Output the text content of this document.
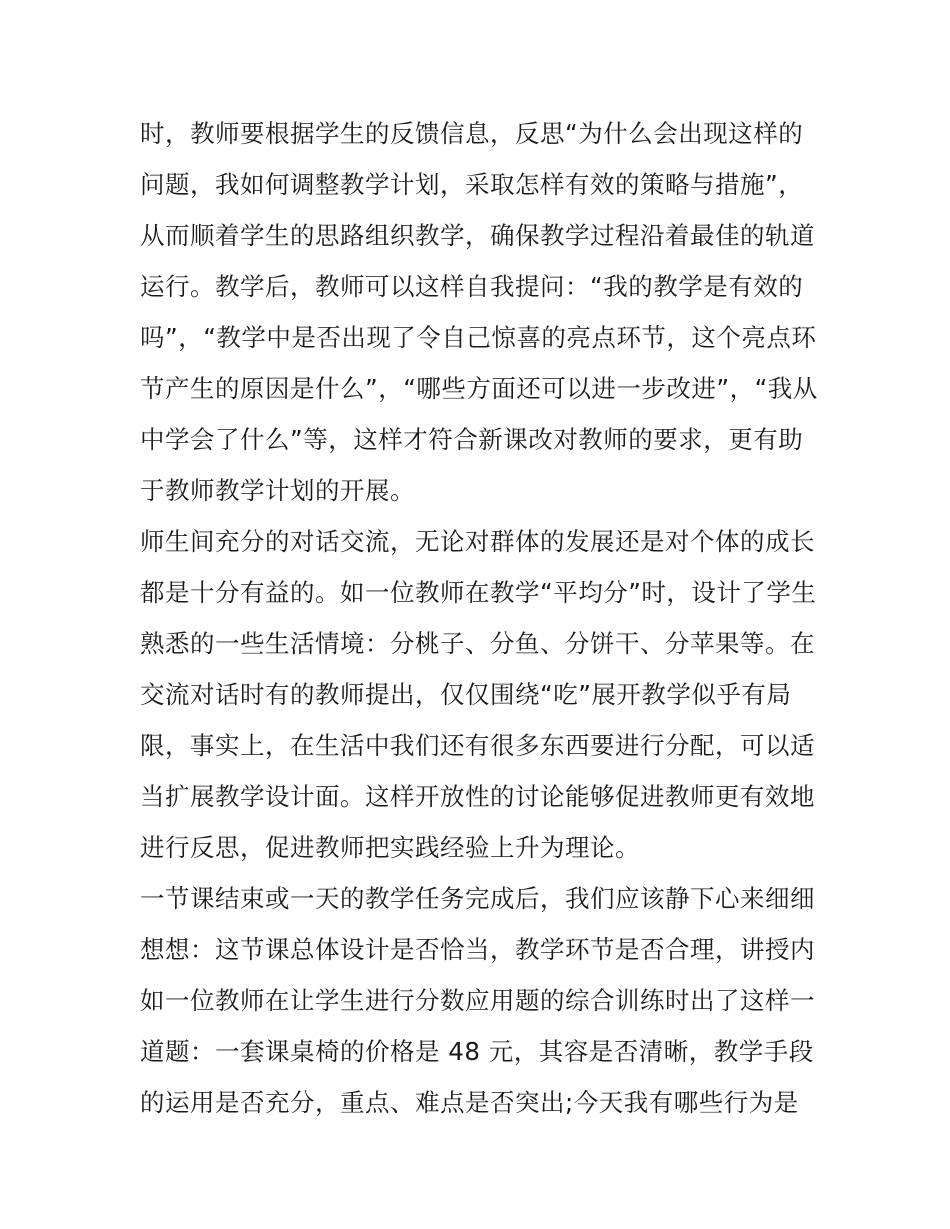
时，教师要根据学生的反馈信息，反思“为什么会出现这样的
问题，我如何调整教学计划，采取怎样有效的策略与措施”，
从而顺着学生的思路组织教学，确保教学过程沿着最佳的轨道
运行。教学后，教师可以这样自我提问：“我的教学是有效的
吗”，“教学中是否出现了令自己惊喜的亮点环节，这个亮点环
节产生的原因是什么”，“哪些方面还可以进一步改进”，“我从
中学会了什么”等，这样才符合新课改对教师的要求，更有助
于教师教学计划的开展。
师生间充分的对话交流，无论对群体的发展还是对个体的成长
都是十分有益的。如一位教师在教学“平均分”时，设计了学生
熟悉的一些生活情境：分桃子、分鱼、分饼干、分苹果等。在
交流对话时有的教师提出，仅仅围绕“吃”展开教学似乎有局
限，事实上，在生活中我们还有很多东西要进行分配，可以适
当扩展教学设计面。这样开放性的讨论能够促进教师更有效地
进行反思，促进教师把实践经验上升为理论。
一节课结束或一天的教学任务完成后，我们应该静下心来细细
想想：这节课总体设计是否恰当，教学环节是否合理，讲授内
如一位教师在让学生进行分数应用题的综合训练时出了这样一
道题：一套课桌椅的价格是 48 元，其容是否清晰，教学手段
的运用是否充分，重点、难点是否突出;今天我有哪些行为是
